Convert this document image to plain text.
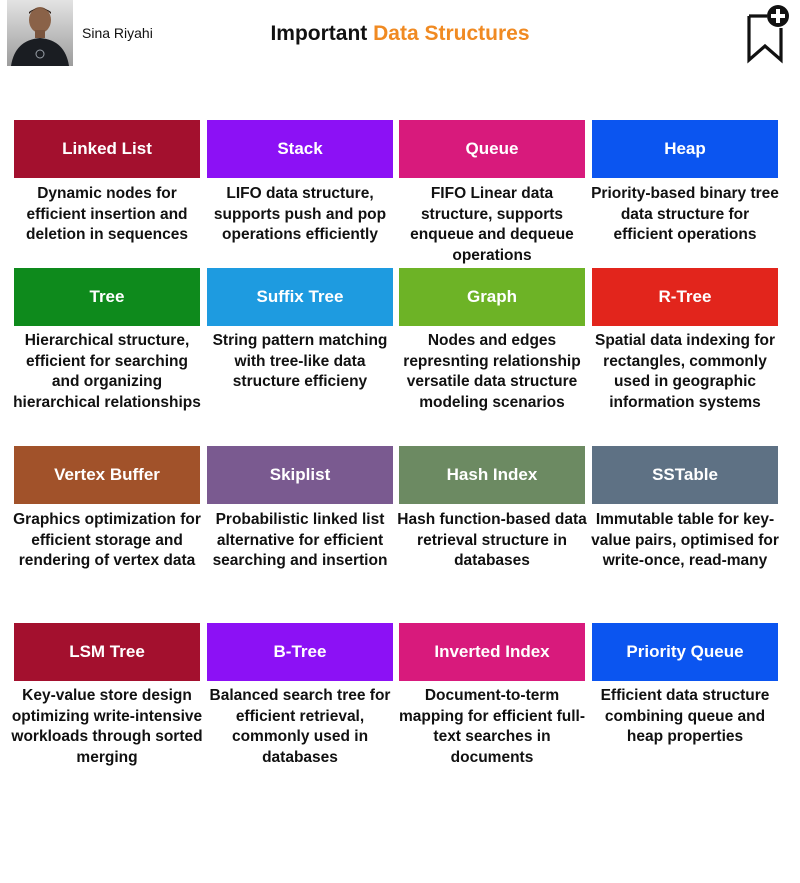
Sina Riyahi	Important Data Structures
Linked List
Dynamic nodes for efficient insertion and deletion in sequences
Stack
LIFO data structure, supports push and pop operations efficiently
Queue
FIFO Linear data structure, supports enqueue and dequeue operations
Heap
Priority-based binary tree data structure for efficient operations
Tree
Hierarchical structure, efficient for searching and organizing hierarchical relationships
Suffix Tree
String pattern matching with tree-like data structure efficieny
Graph
Nodes and edges represnting relationship versatile data structure modeling scenarios
R-Tree
Spatial data indexing for rectangles, commonly used in geographic information systems
Vertex Buffer
Graphics optimization for efficient storage and rendering of vertex data
Skiplist
Probabilistic linked list alternative for efficient searching and insertion
Hash Index
Hash function-based data retrieval structure in databases
SSTable
Immutable table for key-value pairs, optimised for write-once, read-many
LSM Tree
Key-value store design optimizing write-intensive workloads through sorted merging
B-Tree
Balanced search tree for efficient retrieval, commonly used in databases
Inverted Index
Document-to-term mapping for efficient full-text searches in documents
Priority Queue
Efficient data structure combining queue and heap properties
